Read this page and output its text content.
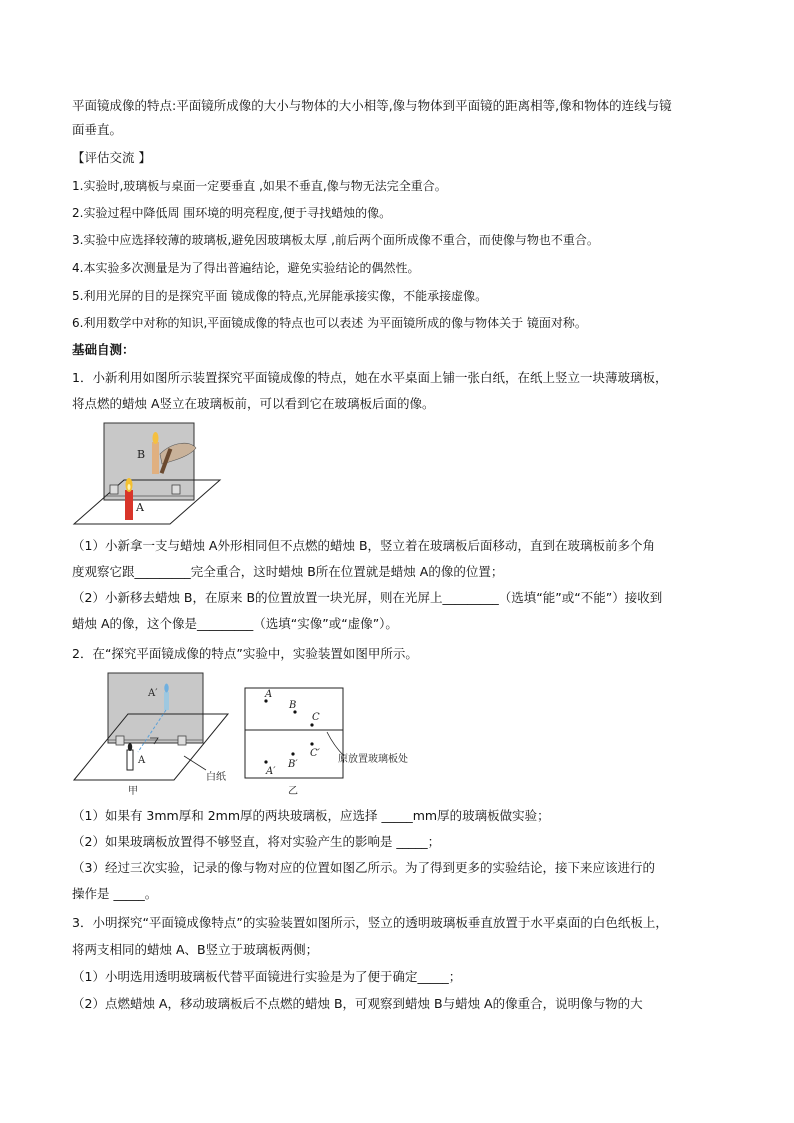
平面镜成像的特点:平面镜所成像的大小与物体的大小相等,像与物体到平面镜的距离相等,像和物体的连线与镜
面垂直。
【评估交流 】
1.实验时,玻璃板与桌面一定要垂直 ,如果不垂直,像与物无法完全重合。
2.实验过程中降低周 围环境的明亮程度,便于寻找蜡烛的像。
3.实验中应选择较薄的玻璃板,避免因玻璃板太厚 ,前后两个面所成像不重合，而使像与物也不重合。
4.本实验多次测量是为了得出普遍结论，避免实验结论的偶然性。
5.利用光屏的目的是探究平面 镜成像的特点,光屏能承接实像，不能承接虚像。
6.利用数学中对称的知识,平面镜成像的特点也可以表述 为平面镜所成的像与物体关于 镜面对称。
基础自测：
1．小新利用如图所示装置探究平面镜成像的特点，她在水平桌面上铺一张白纸，在纸上竖立一块薄玻璃板，
将点燃的蜡烛 A竖立在玻璃板前，可以看到它在玻璃板后面的像。
B
A
（1）小新拿一支与蜡烛 A外形相同但不点燃的蜡烛 B，竖立着在玻璃板后面移动，直到在玻璃板前多个角
度观察它跟_________完全重合，这时蜡烛 B所在位置就是蜡烛 A的像的位置；
（2）小新移去蜡烛 B，在原来 B的位置放置一块光屏，则在光屏上_________（选填“能”或“不能”）接收到
蜡烛 A的像，这个像是_________（选填“实像”或“虚像”）。
2．在“探究平面镜成像的特点”实验中，实验装置如图甲所示。
A′
A
白纸
甲
A
B
C
A′
B′
C′
原放置玻璃板处
乙
（1）如果有 3mm厚和 2mm厚的两块玻璃板，应选择 _____mm厚的玻璃板做实验；
（2）如果玻璃板放置得不够竖直，将对实验产生的影响是 _____；
（3）经过三次实验，记录的像与物对应的位置如图乙所示。为了得到更多的实验结论，接下来应该进行的
操作是 _____。
3．小明探究“平面镜成像特点”的实验装置如图所示，竖立的透明玻璃板垂直放置于水平桌面的白色纸板上，
将两支相同的蜡烛 A、B竖立于玻璃板两侧；
（1）小明选用透明玻璃板代替平面镜进行实验是为了便于确定_____；
（2）点燃蜡烛 A，移动玻璃板后不点燃的蜡烛 B，可观察到蜡烛 B与蜡烛 A的像重合，说明像与物的大
